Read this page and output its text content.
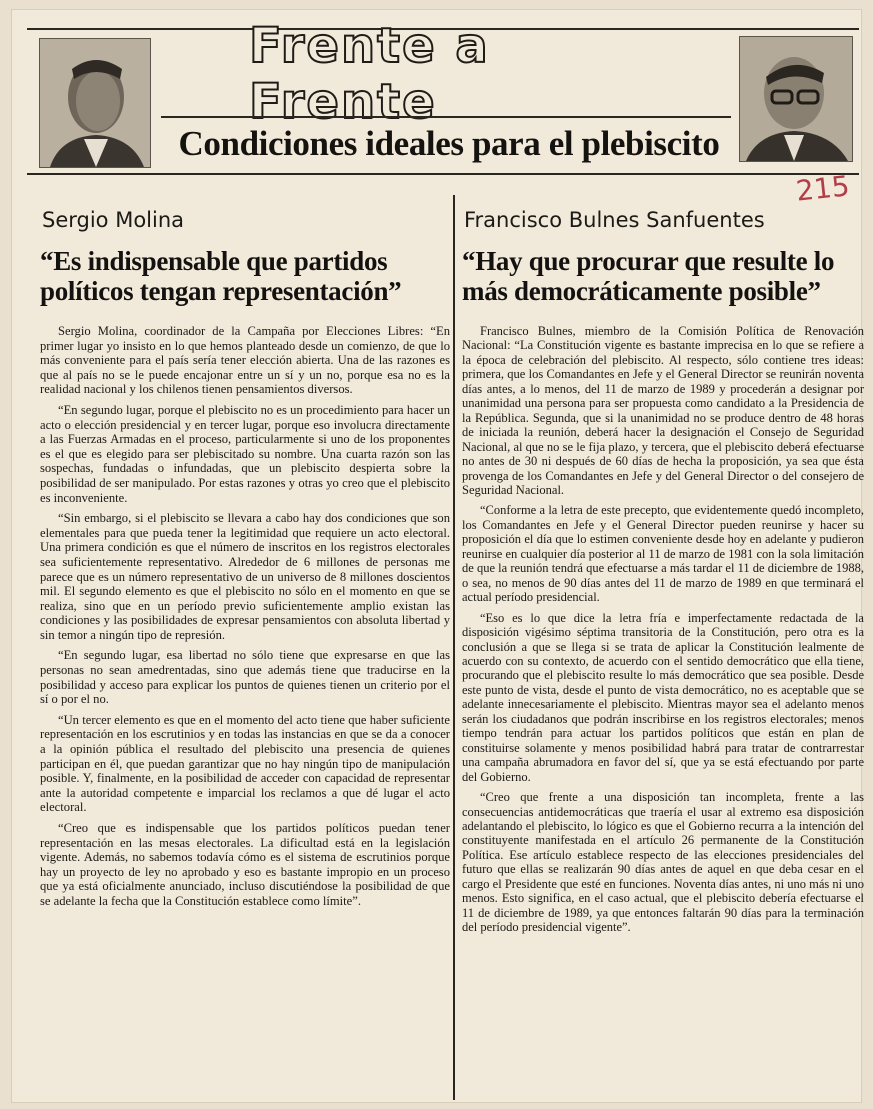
Frente a Frente
Condiciones ideales para el plebiscito
215
Sergio Molina
“Es indispensable que partidos políticos tengan representación”

Sergio Molina, coordinador de la Campaña por Elecciones Libres: “En primer lugar yo insisto en lo que hemos planteado desde un comienzo, de que lo más conveniente para el país sería tener elección abierta. Una de las razones es que al país no se le puede encajonar entre un sí y un no, porque esa no es la realidad nacional y los chilenos tienen pensamientos diversos.

“En segundo lugar, porque el plebiscito no es un procedimiento para hacer un acto o elección presidencial y en tercer lugar, porque eso involucra directamente a las Fuerzas Armadas en el proceso, particularmente si uno de los proponentes es el que es elegido para ser plebiscitado su nombre. Una cuarta razón son las sospechas, fundadas o infundadas, que un plebiscito despierta sobre la posibilidad de ser manipulado. Por estas razones y otras yo creo que el plebiscito es inconveniente.

“Sin embargo, si el plebiscito se llevara a cabo hay dos condiciones que son elementales para que pueda tener la legitimidad que requiere un acto electoral. Una primera condición es que el número de inscritos en los registros electorales sea suficientemente representativo. Alrededor de 6 millones de personas me parece que es un número representativo de un universo de 8 millones doscientos mil. El segundo elemento es que el plebiscito no sólo en el momento en que se realiza, sino que en un período previo suficientemente amplio existan las condiciones y las posibilidades de expresar pensamientos con absoluta libertad y sin temor a ningún tipo de represión.

“En segundo lugar, esa libertad no sólo tiene que expresarse en que las personas no sean amedrentadas, sino que además tiene que traducirse en la posibilidad y acceso para explicar los puntos de quienes tienen un criterio por el sí o por el no.

“Un tercer elemento es que en el momento del acto tiene que haber suficiente representación en los escrutinios y en todas las instancias en que se da a conocer a la opinión pública el resultado del plebiscito una presencia de quienes participan en él, que puedan garantizar que no hay ningún tipo de manipulación posible. Y, finalmente, en la posibilidad de acceder con capacidad de representar ante la autoridad competente e imparcial los reclamos a que dé lugar el acto electoral.

“Creo que es indispensable que los partidos políticos puedan tener representación en las mesas electorales. La dificultad está en la legislación vigente. Además, no sabemos todavía cómo es el sistema de escrutinios porque hay un proyecto de ley no aprobado y eso es bastante impropio en un proceso que ya está oficialmente anunciado, incluso discutiéndose la posibilidad de que se adelante la fecha que la Constitución establece como límite”.

Francisco Bulnes Sanfuentes
“Hay que procurar que resulte lo más democráticamente posible”

Francisco Bulnes, miembro de la Comisión Política de Renovación Nacional: “La Constitución vigente es bastante imprecisa en lo que se refiere a la época de celebración del plebiscito. Al respecto, sólo contiene tres ideas: primera, que los Comandantes en Jefe y el General Director se reunirán noventa días antes, a lo menos, del 11 de marzo de 1989 y procederán a designar por unanimidad una persona para ser propuesta como candidato a la Presidencia de la República. Segunda, que si la unanimidad no se produce dentro de 48 horas de iniciada la reunión, deberá hacer la designación el Consejo de Seguridad Nacional, al que no se le fija plazo, y tercera, que el plebiscito deberá efectuarse no antes de 30 ni después de 60 días de hecha la proposición, ya sea que ésta provenga de los Comandantes en Jefe y del General Director o del consejero de Seguridad Nacional.

“Conforme a la letra de este precepto, que evidentemente quedó incompleto, los Comandantes en Jefe y el General Director pueden reunirse y hacer su proposición el día que lo estimen conveniente desde hoy en adelante y pudieron reunirse en cualquier día posterior al 11 de marzo de 1981 con la sola limitación de que la reunión tendrá que efectuarse a más tardar el 11 de diciembre de 1988, o sea, no menos de 90 días antes del 11 de marzo de 1989 en que terminará el actual período presidencial.

“Eso es lo que dice la letra fría e imperfectamente redactada de la disposición vigésimo séptima transitoria de la Constitución, pero otra es la conclusión a que se llega si se trata de aplicar la Constitución lealmente de acuerdo con su contexto, de acuerdo con el sentido democrático que ella tiene, procurando que el plebiscito resulte lo más democrático que sea posible. Desde este punto de vista, desde el punto de vista democrático, no es aceptable que se adelante innecesariamente el plebiscito. Mientras mayor sea el adelanto menos serán los ciudadanos que podrán inscribirse en los registros electorales; menos tiempo tendrán para actuar los partidos políticos que están en plan de constituirse solamente y menos posibilidad habrá para tratar de contrarrestar una campaña abrumadora en favor del sí, que ya se está efectuando por parte del Gobierno.

“Creo que frente a una disposición tan incompleta, frente a las consecuencias antidemocráticas que traería el usar al extremo esa disposición adelantando el plebiscito, lo lógico es que el Gobierno recurra a la intención del constituyente manifestada en el artículo 26 permanente de la Constitución Política. Ese artículo establece respecto de las elecciones presidenciales del futuro que ellas se realizarán 90 días antes de aquel en que deba cesar en el cargo el Presidente que esté en funciones. Noventa días antes, ni uno más ni uno menos. Esto significa, en el caso actual, que el plebiscito debería efectuarse el 11 de diciembre de 1989, ya que entonces faltarán 90 días para la terminación del período presidencial vigente”.
